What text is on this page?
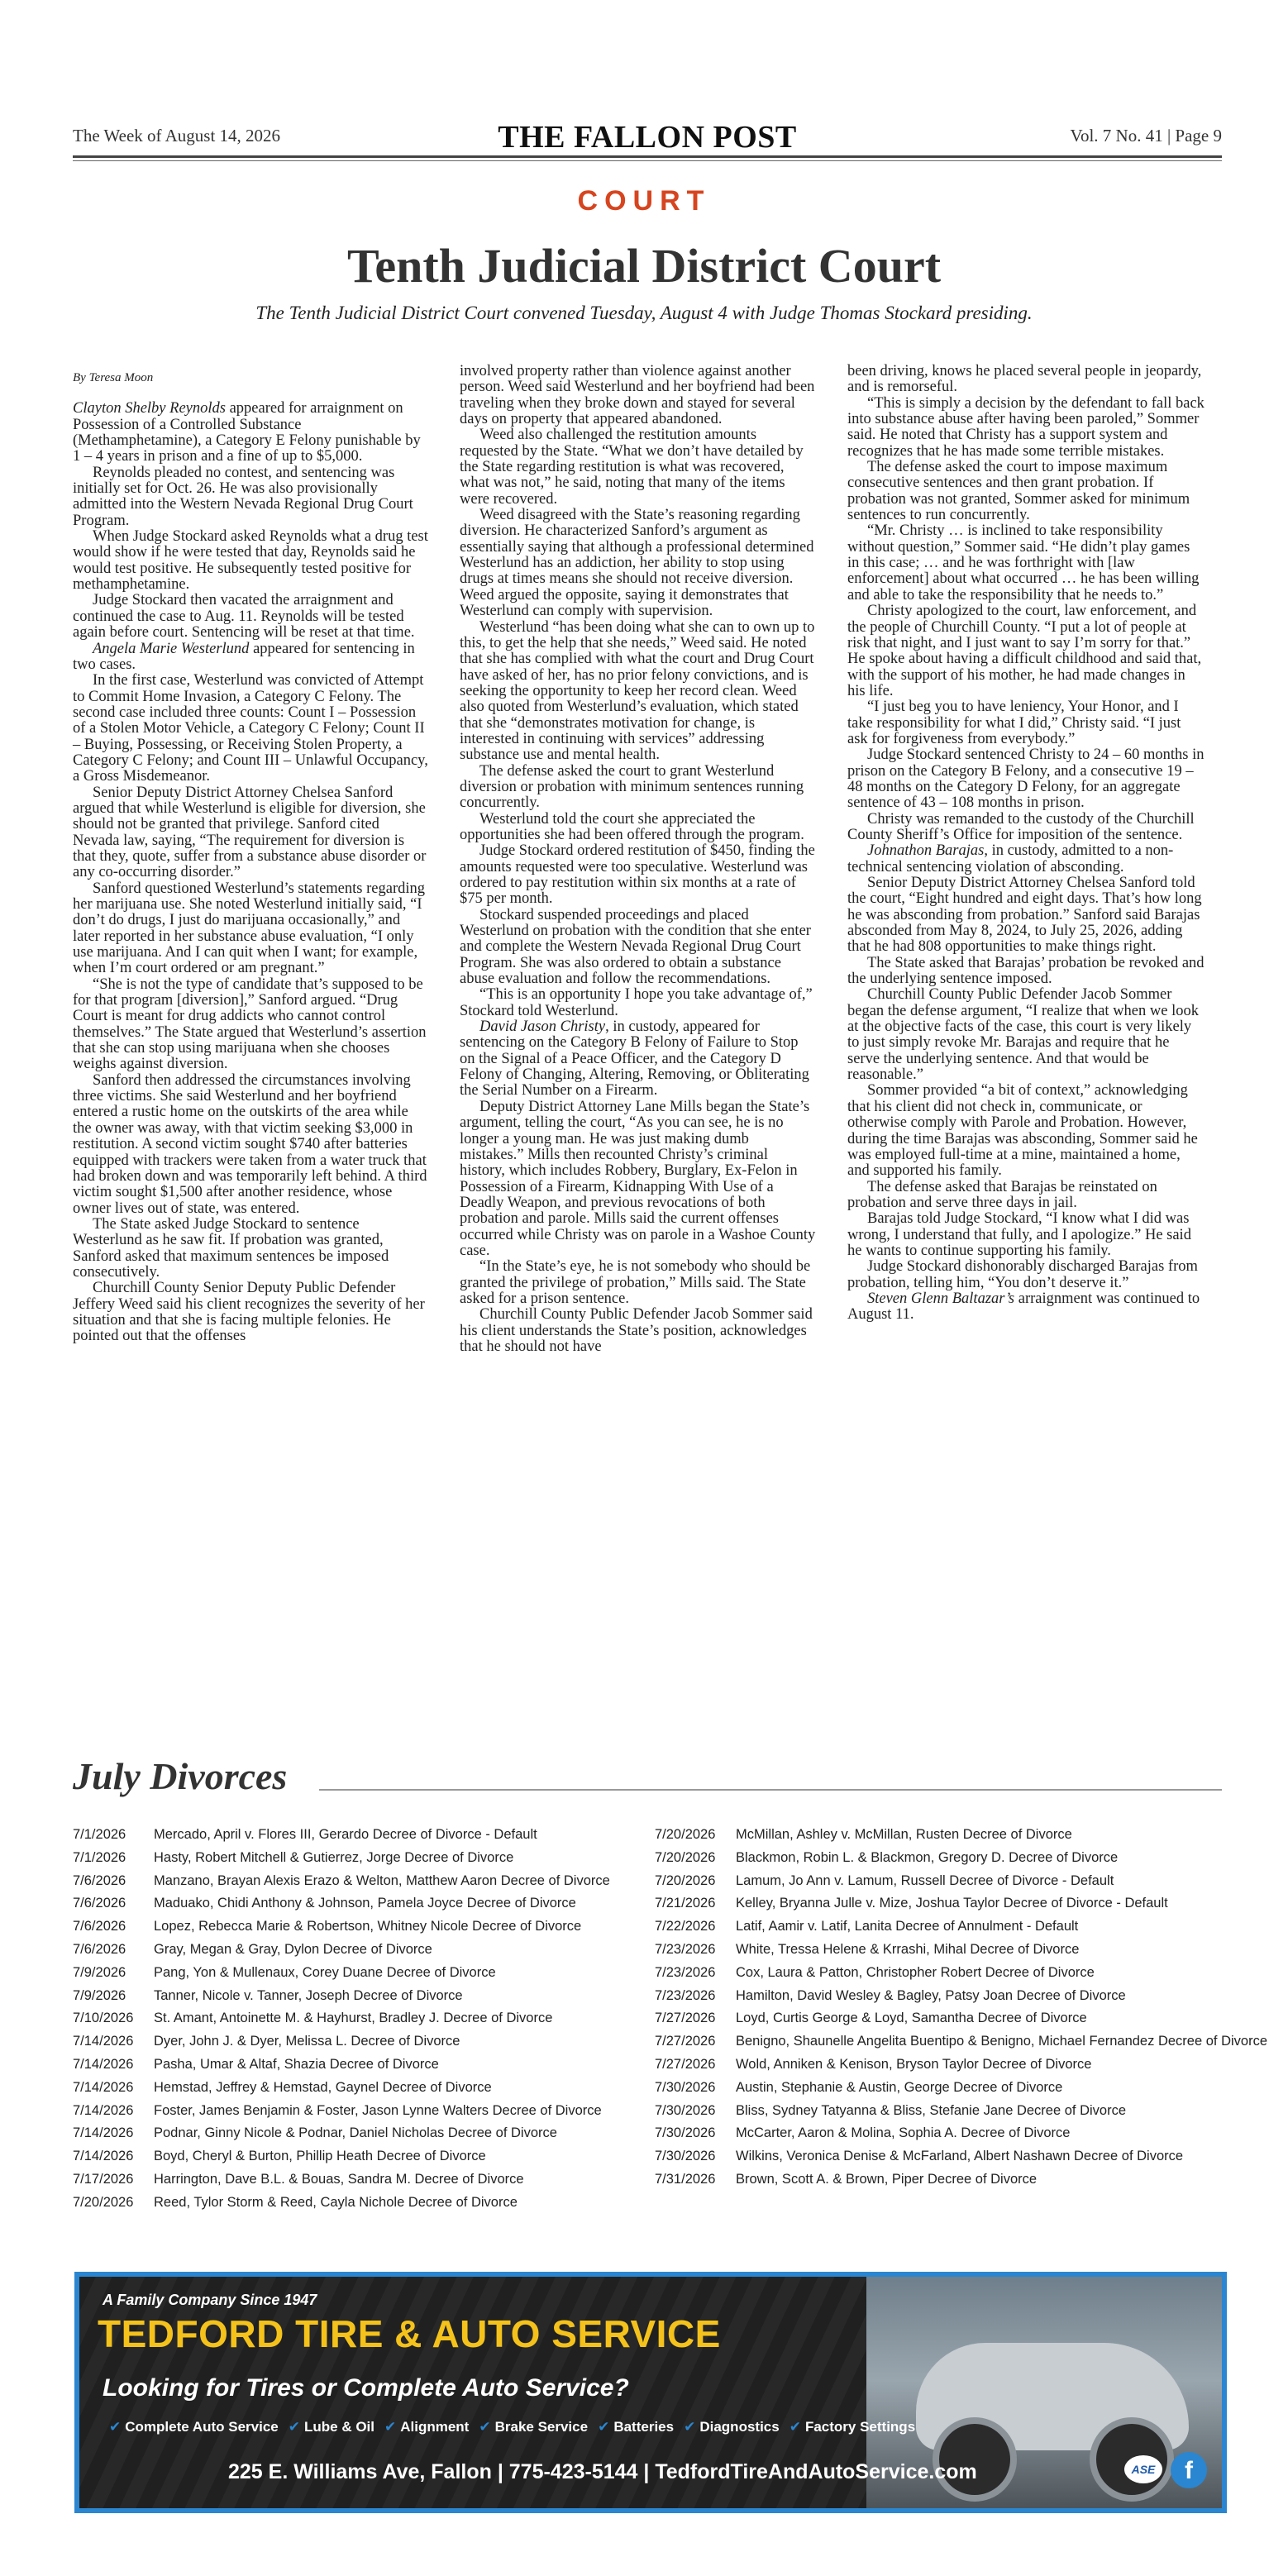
The Week of August 14, 2026	THE FALLON POST	Vol. 7 No. 41 | Page 9
COURT
Tenth Judicial District Court
The Tenth Judicial District Court convened Tuesday, August 4 with Judge Thomas Stockard presiding.
By Teresa Moon

Clayton Shelby Reynolds appeared for arraignment on Possession of a Controlled Substance (Methamphetamine), a Category E Felony punishable by 1 – 4 years in prison and a fine of up to $5,000.

Reynolds pleaded no contest, and sentencing was initially set for Oct. 26. He was also provisionally admitted into the Western Nevada Regional Drug Court Program.

When Judge Stockard asked Reynolds what a drug test would show if he were tested that day, Reynolds said he would test positive. He subsequently tested positive for methamphetamine.

Judge Stockard then vacated the arraignment and continued the case to Aug. 11. Reynolds will be tested again before court. Sentencing will be reset at that time.

Angela Marie Westerlund appeared for sentencing in two cases.

In the first case, Westerlund was convicted of Attempt to Commit Home Invasion, a Category C Felony. The second case included three counts: Count I – Possession of a Stolen Motor Vehicle, a Category C Felony; Count II – Buying, Possessing, or Receiving Stolen Property, a Category C Felony; and Count III – Unlawful Occupancy, a Gross Misdemeanor.

Senior Deputy District Attorney Chelsea Sanford argued that while Westerlund is eligible for diversion, she should not be granted that privilege. Sanford cited Nevada law, saying, “The requirement for diversion is that they, quote, suffer from a substance abuse disorder or any co-occurring disorder.”

Sanford questioned Westerlund’s statements regarding her marijuana use. She noted Westerlund initially said, “I don’t do drugs, I just do marijuana occasionally,” and later reported in her substance abuse evaluation, “I only use marijuana. And I can quit when I want; for example, when I’m court ordered or am pregnant.”

“She is not the type of candidate that’s supposed to be for that program [diversion],” Sanford argued. “Drug Court is meant for drug addicts who cannot control themselves.” The State argued that Westerlund’s assertion that she can stop using marijuana when she chooses weighs against diversion.

Sanford then addressed the circumstances involving three victims. She said Westerlund and her boyfriend entered a rustic home on the outskirts of the area while the owner was away, with that victim seeking $3,000 in restitution. A second victim sought $740 after batteries equipped with trackers were taken from a water truck that had broken down and was temporarily left behind. A third victim sought $1,500 after another residence, whose owner lives out of state, was entered.

The State asked Judge Stockard to sentence Westerlund as he saw fit. If probation was granted, Sanford asked that maximum sentences be imposed consecutively.

Churchill County Senior Deputy Public Defender Jeffery Weed said his client recognizes the severity of her situation and that she is facing multiple felonies. He pointed out that the offenses

involved property rather than violence against another person. Weed said Westerlund and her boyfriend had been traveling when they broke down and stayed for several days on property that appeared abandoned.

Weed also challenged the restitution amounts requested by the State. “What we don’t have detailed by the State regarding restitution is what was recovered, what was not,” he said, noting that many of the items were recovered.

Weed disagreed with the State’s reasoning regarding diversion. He characterized Sanford’s argument as essentially saying that although a professional determined Westerlund has an addiction, her ability to stop using drugs at times means she should not receive diversion. Weed argued the opposite, saying it demonstrates that Westerlund can comply with supervision.

Westerlund “has been doing what she can to own up to this, to get the help that she needs,” Weed said. He noted that she has complied with what the court and Drug Court have asked of her, has no prior felony convictions, and is seeking the opportunity to keep her record clean. Weed also quoted from Westerlund’s evaluation, which stated that she “demonstrates motivation for change, is interested in continuing with services” addressing substance use and mental health.

The defense asked the court to grant Westerlund diversion or probation with minimum sentences running concurrently.

Westerlund told the court she appreciated the opportunities she had been offered through the program.

Judge Stockard ordered restitution of $450, finding the amounts requested were too speculative. Westerlund was ordered to pay restitution within six months at a rate of $75 per month.

Stockard suspended proceedings and placed Westerlund on probation with the condition that she enter and complete the Western Nevada Regional Drug Court Program. She was also ordered to obtain a substance abuse evaluation and follow the recommendations.

“This is an opportunity I hope you take advantage of,” Stockard told Westerlund.

David Jason Christy, in custody, appeared for sentencing on the Category B Felony of Failure to Stop on the Signal of a Peace Officer, and the Category D Felony of Changing, Altering, Removing, or Obliterating the Serial Number on a Firearm.

Deputy District Attorney Lane Mills began the State’s argument, telling the court, “As you can see, he is no longer a young man. He was just making dumb mistakes.” Mills then recounted Christy’s criminal history, which includes Robbery, Burglary, Ex-Felon in Possession of a Firearm, Kidnapping With Use of a Deadly Weapon, and previous revocations of both probation and parole. Mills said the current offenses occurred while Christy was on parole in a Washoe County case.

“In the State’s eye, he is not somebody who should be granted the privilege of probation,” Mills said. The State asked for a prison sentence.

Churchill County Public Defender Jacob Sommer said his client understands the State’s position, acknowledges that he should not have

been driving, knows he placed several people in jeopardy, and is remorseful.

“This is simply a decision by the defendant to fall back into substance abuse after having been paroled,” Sommer said. He noted that Christy has a support system and recognizes that he has made some terrible mistakes.

The defense asked the court to impose maximum consecutive sentences and then grant probation. If probation was not granted, Sommer asked for minimum sentences to run concurrently.

“Mr. Christy … is inclined to take responsibility without question,” Sommer said. “He didn’t play games in this case; … and he was forthright with [law enforcement] about what occurred … he has been willing and able to take the responsibility that he needs to.”

Christy apologized to the court, law enforcement, and the people of Churchill County. “I put a lot of people at risk that night, and I just want to say I’m sorry for that.” He spoke about having a difficult childhood and said that, with the support of his mother, he had made changes in his life.

“I just beg you to have leniency, Your Honor, and I take responsibility for what I did,” Christy said. “I just ask for forgiveness from everybody.”

Judge Stockard sentenced Christy to 24 – 60 months in prison on the Category B Felony, and a consecutive 19 – 48 months on the Category D Felony, for an aggregate sentence of 43 – 108 months in prison.

Christy was remanded to the custody of the Churchill County Sheriff’s Office for imposition of the sentence.

Johnathon Barajas, in custody, admitted to a non-technical sentencing violation of absconding.

Senior Deputy District Attorney Chelsea Sanford told the court, “Eight hundred and eight days. That’s how long he was absconding from probation.” Sanford said Barajas absconded from May 8, 2024, to July 25, 2026, adding that he had 808 opportunities to make things right.

The State asked that Barajas’ probation be revoked and the underlying sentence imposed.

Churchill County Public Defender Jacob Sommer began the defense argument, “I realize that when we look at the objective facts of the case, this court is very likely to just simply revoke Mr. Barajas and require that he serve the underlying sentence. And that would be reasonable.”

Sommer provided “a bit of context,” acknowledging that his client did not check in, communicate, or otherwise comply with Parole and Probation. However, during the time Barajas was absconding, Sommer said he was employed full-time at a mine, maintained a home, and supported his family.

The defense asked that Barajas be reinstated on probation and serve three days in jail.

Barajas told Judge Stockard, “I know what I did was wrong, I understand that fully, and I apologize.” He said he wants to continue supporting his family.

Judge Stockard dishonorably discharged Barajas from probation, telling him, “You don’t deserve it.”

Steven Glenn Baltazar’s arraignment was continued to August 11.

July Divorces
7/1/2026 Mercado, April v. Flores III, Gerardo Decree of Divorce - Default
7/1/2026 Hasty, Robert Mitchell & Gutierrez, Jorge Decree of Divorce
7/6/2026 Manzano, Brayan Alexis Erazo & Welton, Matthew Aaron Decree of Divorce
7/6/2026 Maduako, Chidi Anthony & Johnson, Pamela Joyce Decree of Divorce
7/6/2026 Lopez, Rebecca Marie & Robertson, Whitney Nicole Decree of Divorce
7/6/2026 Gray, Megan & Gray, Dylon Decree of Divorce
7/9/2026 Pang, Yon & Mullenaux, Corey Duane Decree of Divorce
7/9/2026 Tanner, Nicole v. Tanner, Joseph Decree of Divorce
7/10/2026 St. Amant, Antoinette M. & Hayhurst, Bradley J. Decree of Divorce
7/14/2026 Dyer, John J. & Dyer, Melissa L. Decree of Divorce
7/14/2026 Pasha, Umar & Altaf, Shazia Decree of Divorce
7/14/2026 Hemstad, Jeffrey & Hemstad, Gaynel Decree of Divorce
7/14/2026 Foster, James Benjamin & Foster, Jason Lynne Walters Decree of Divorce
7/14/2026 Podnar, Ginny Nicole & Podnar, Daniel Nicholas Decree of Divorce
7/14/2026 Boyd, Cheryl & Burton, Phillip Heath Decree of Divorce
7/17/2026 Harrington, Dave B.L. & Bouas, Sandra M. Decree of Divorce
7/20/2026 Reed, Tylor Storm & Reed, Cayla Nichole Decree of Divorce
7/20/2026 McMillan, Ashley v. McMillan, Rusten Decree of Divorce
7/20/2026 Blackmon, Robin L. & Blackmon, Gregory D. Decree of Divorce
7/20/2026 Lamum, Jo Ann v. Lamum, Russell Decree of Divorce - Default
7/21/2026 Kelley, Bryanna Julle v. Mize, Joshua Taylor Decree of Divorce - Default
7/22/2026 Latif, Aamir v. Latif, Lanita Decree of Annulment - Default
7/23/2026 White, Tressa Helene & Krrashi, Mihal Decree of Divorce
7/23/2026 Cox, Laura & Patton, Christopher Robert Decree of Divorce
7/23/2026 Hamilton, David Wesley & Bagley, Patsy Joan Decree of Divorce
7/27/2026 Loyd, Curtis George & Loyd, Samantha Decree of Divorce
7/27/2026 Benigno, Shaunelle Angelita Buentipo & Benigno, Michael Fernandez Decree of Divorce
7/27/2026 Wold, Anniken & Kenison, Bryson Taylor Decree of Divorce
7/30/2026 Austin, Stephanie & Austin, George Decree of Divorce
7/30/2026 Bliss, Sydney Tatyanna & Bliss, Stefanie Jane Decree of Divorce
7/30/2026 McCarter, Aaron & Molina, Sophia A. Decree of Divorce
7/30/2026 Wilkins, Veronica Denise & McFarland, Albert Nashawn Decree of Divorce
7/31/2026 Brown, Scott A. & Brown, Piper Decree of Divorce
A Family Company Since 1947
TEDFORD TIRE & AUTO SERVICE
Looking for Tires or Complete Auto Service?
✔ Complete Auto Service ✔ Lube & Oil ✔ Alignment ✔ Brake Service ✔ Batteries ✔ Diagnostics ✔ Factory Settings
225 E. Williams Ave, Fallon | 775-423-5144 | TedfordTireAndAutoService.com	ASE	f
